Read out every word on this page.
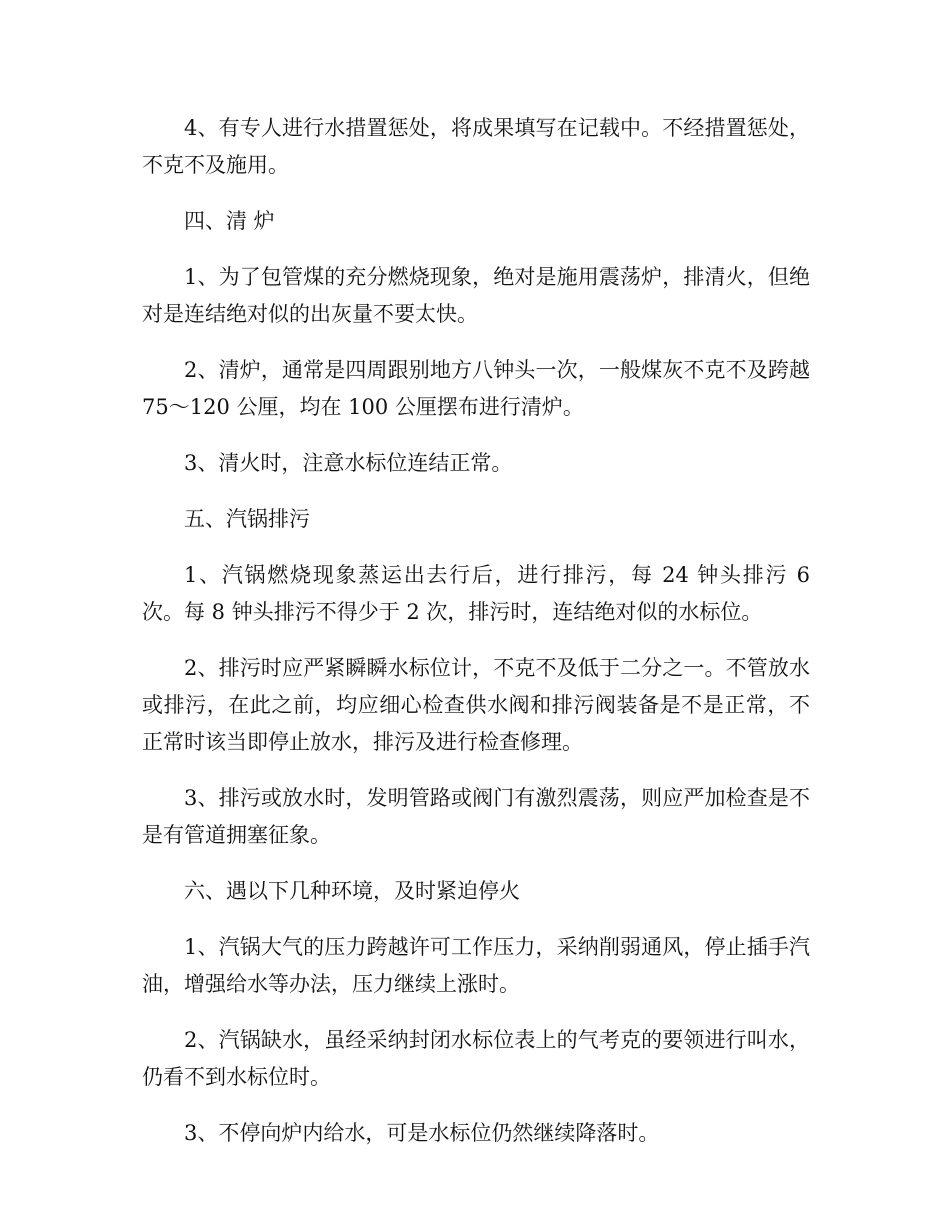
4、有专人进行水措置惩处，将成果填写在记载中。不经措置惩处，不克不及施用。

四、清 炉

1、为了包管煤的充分燃烧现象，绝对是施用震荡炉，排清火，但绝对是连结绝对似的出灰量不要太快。

2、清炉，通常是四周跟别地方八钟头一次，一般煤灰不克不及跨越 75～120 公厘，均在 100 公厘摆布进行清炉。

3、清火时，注意水标位连结正常。

五、汽锅排污

1、汽锅燃烧现象蒸运出去行后，进行排污，每 24 钟头排污 6 次。每 8 钟头排污不得少于 2 次，排污时，连结绝对似的水标位。

2、排污时应严紧瞬瞬水标位计，不克不及低于二分之一。不管放水或排污，在此之前，均应细心检查供水阀和排污阀装备是不是正常，不正常时该当即停止放水，排污及进行检查修理。

3、排污或放水时，发明管路或阀门有激烈震荡，则应严加检查是不是有管道拥塞征象。

六、遇以下几种环境，及时紧迫停火

1、汽锅大气的压力跨越许可工作压力，采纳削弱通风，停止插手汽油，增强给水等办法，压力继续上涨时。

2、汽锅缺水，虽经采纳封闭水标位表上的气考克的要领进行叫水，仍看不到水标位时。

3、不停向炉内给水，可是水标位仍然继续降落时。
